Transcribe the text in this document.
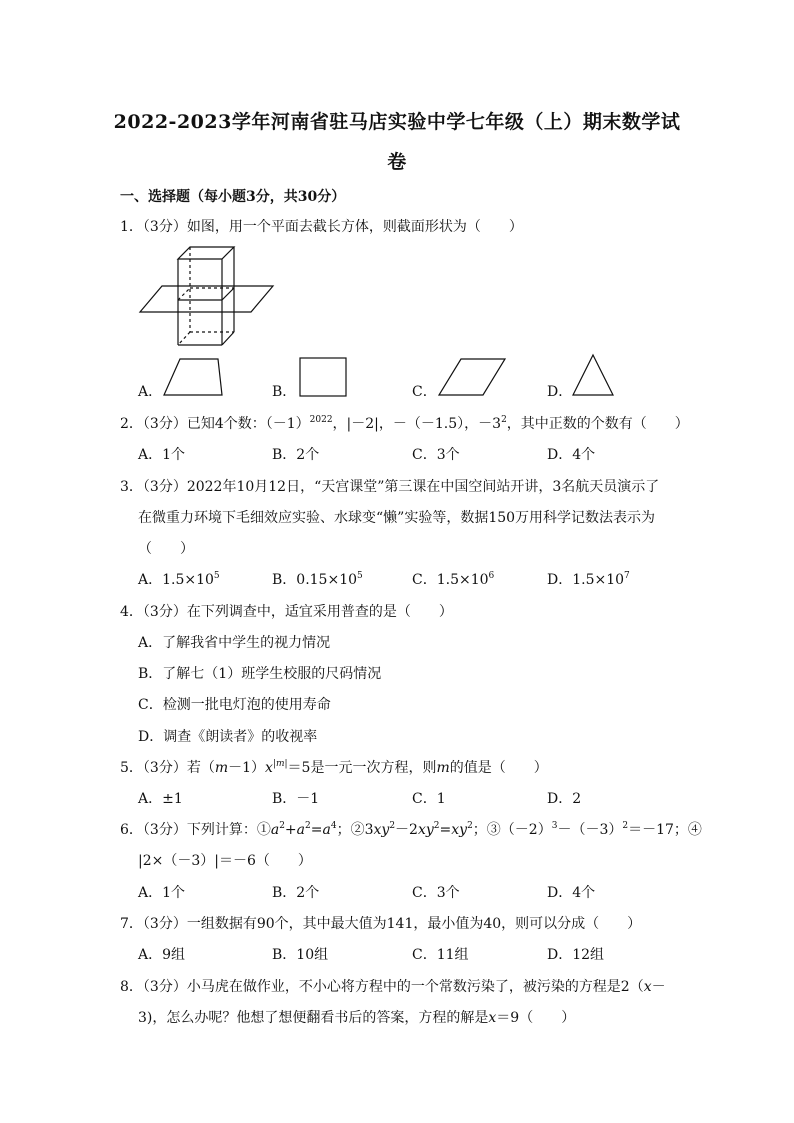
2022-2023学年河南省驻马店实验中学七年级（上）期末数学试
卷
一、选择题（每小题3分，共30分）
1．（3分）如图，用一个平面去截长方体，则截面形状为（　　）
A．	B．	C．	D．
2．（3分）已知4个数：$(-1)^{2022}$，|－2|，－（－1.5），$-3^2$，其中正数的个数有（　　）
A．1个	B．2个	C．3个	D．4个
3．（3分）2022年10月12日，“天宫课堂”第三课在中国空间站开讲，3名航天员演示了
在微重力环境下毛细效应实验、水球变“懒”实验等，数据150万用科学记数法表示为
（　　）
A．$1.5\times 10^5$	B．$0.15\times 10^5$	C．$1.5\times 10^6$	D．$1.5\times 10^7$
4．（3分）在下列调查中，适宜采用普查的是（　　）
A．了解我省中学生的视力情况
B．了解七（1）班学生校服的尺码情况
C．检测一批电灯泡的使用寿命
D．调查《朗读者》的收视率
5．（3分）若$(m-1)x^{|m|}=5$是一元一次方程，则m的值是（　　）
A．±1	B．－1	C．1	D．2
6．（3分）下列计算：$①a^2+a^2=a^4$；$②3xy^2-2xy^2=xy^2$；$③(-2)^3-(-3)^2=-17$；④
|2×（－3）|＝－6（　　）
A．1个	B．2个	C．3个	D．4个
7．（3分）一组数据有90个，其中最大值为141，最小值为40，则可以分成（　　）
A．9组	B．10组	C．11组	D．12组
8．（3分）小马虎在做作业，不小心将方程中的一个常数污染了，被污染的方程是2（x－
3)，怎么办呢？他想了想便翻看书后的答案，方程的解是x＝9（　　）
